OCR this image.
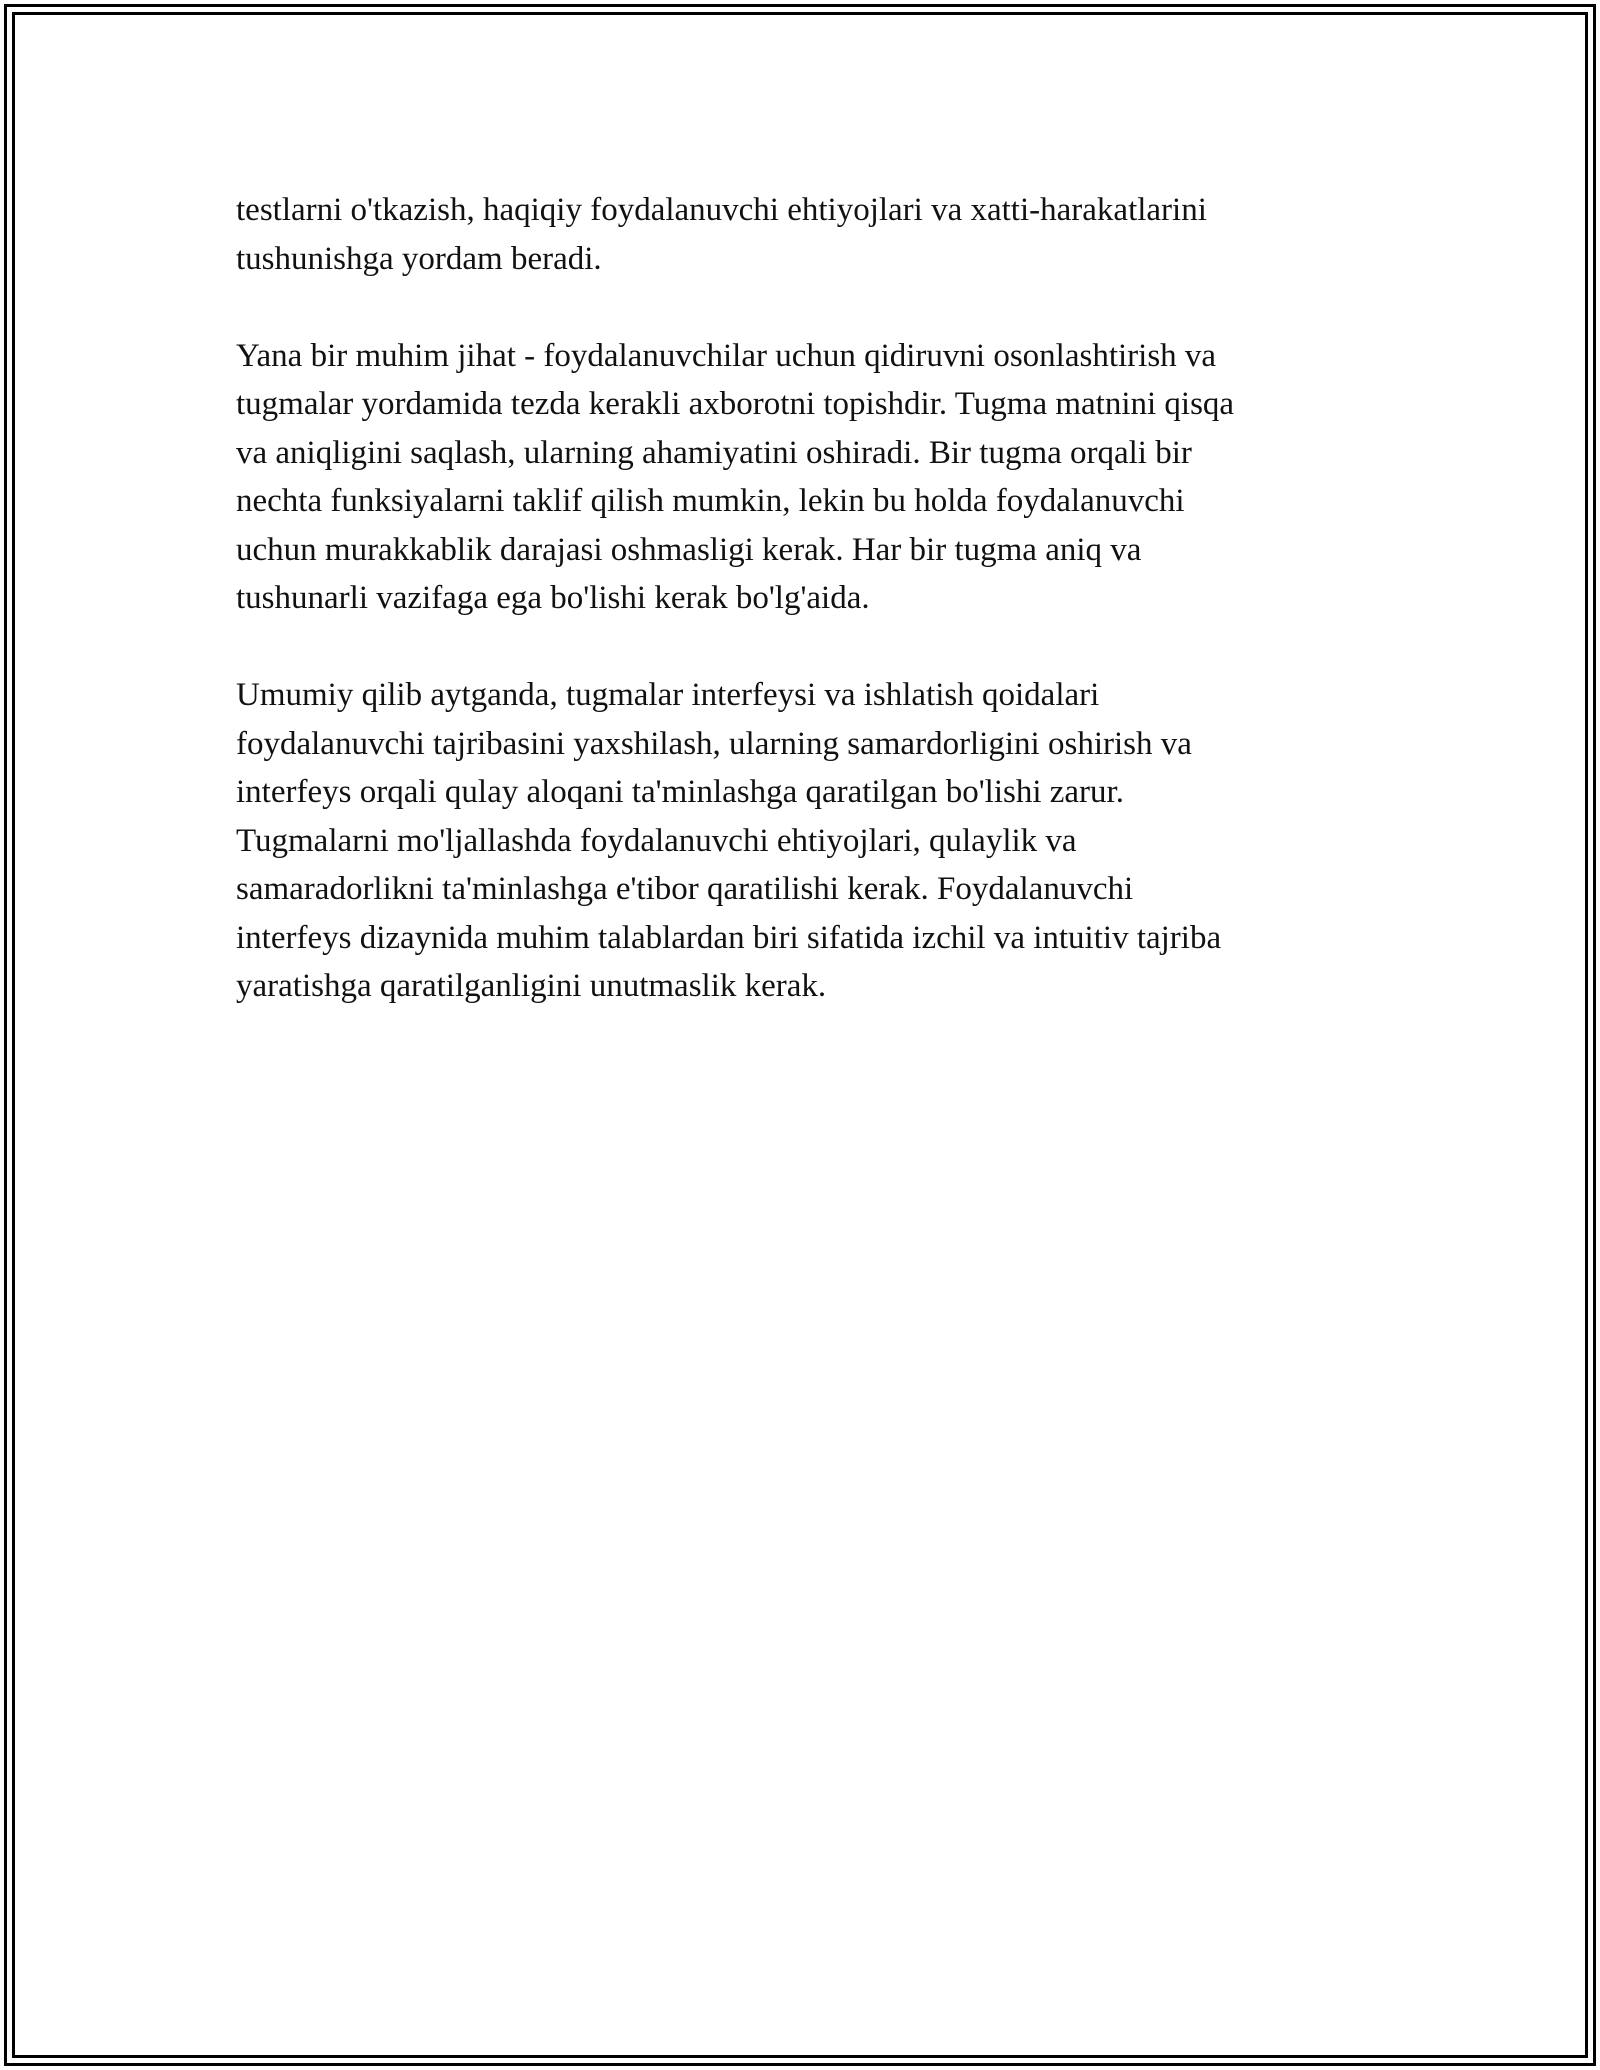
testlarni o'tkazish, haqiqiy foydalanuvchi ehtiyojlari va xatti-harakatlarini
tushunishga yordam beradi.

Yana bir muhim jihat - foydalanuvchilar uchun qidiruvni osonlashtirish va
tugmalar yordamida tezda kerakli axborotni topishdir. Tugma matnini qisqa
va aniqligini saqlash, ularning ahamiyatini oshiradi. Bir tugma orqali bir
nechta funksiyalarni taklif qilish mumkin, lekin bu holda foydalanuvchi
uchun murakkablik darajasi oshmasligi kerak. Har bir tugma aniq va
tushunarli vazifaga ega bo'lishi kerak bo'lg'aida.

Umumiy qilib aytganda, tugmalar interfeysi va ishlatish qoidalari
foydalanuvchi tajribasini yaxshilash, ularning samardorligini oshirish va
interfeys orqali qulay aloqani ta'minlashga qaratilgan bo'lishi zarur.
Tugmalarni mo'ljallashda foydalanuvchi ehtiyojlari, qulaylik va
samaradorlikni ta'minlashga e'tibor qaratilishi kerak. Foydalanuvchi
interfeys dizaynida muhim talablardan biri sifatida izchil va intuitiv tajriba
yaratishga qaratilganligini unutmaslik kerak.
